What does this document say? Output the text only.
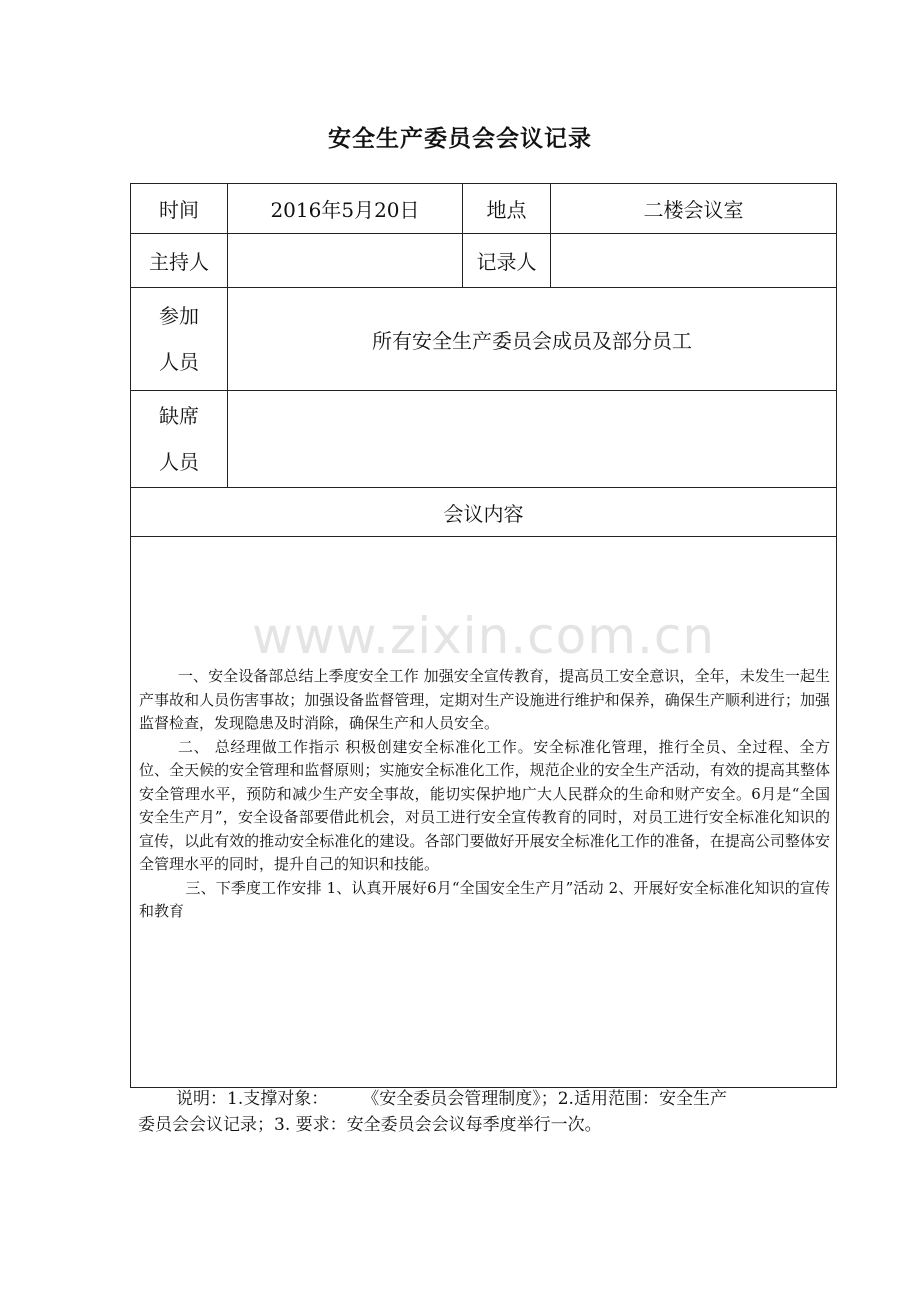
安全生产委员会会议记录
时间	2016年5月20日	地点	二楼会议室
主持人		记录人	

参加
人员	所有安全生产委员会成员及部分员工		

缺席
人员			

会议内容			

www.zixin.com.cn

一、安全设备部总结上季度安全工作 加强安全宣传教育，提高员工安全意识，全年，未发生一起生产事故和人员伤害事故；加强设备监督管理，定期对生产设施进行维护和保养，确保生产顺利进行；加强监督检查，发现隐患及时消除，确保生产和人员安全。

二、 总经理做工作指示 积极创建安全标准化工作。安全标准化管理，推行全员、全过程、全方位、全天候的安全管理和监督原则；实施安全标准化工作，规范企业的安全生产活动，有效的提高其整体安全管理水平，预防和减少生产安全事故，能切实保护地广大人民群众的生命和财产安全。6月是“全国安全生产月”，安全设备部要借此机会，对员工进行安全宣传教育的同时，对员工进行安全标准化知识的宣传，以此有效的推动安全标准化的建设。各部门要做好开展安全标准化工作的准备，在提高公司整体安全管理水平的同时，提升自己的知识和技能。

三、下季度工作安排 1、认真开展好6月“全国安全生产月”活动 2、开展好安全标准化知识的宣传和教育			

说明：1.支撑对象：　　　《安全委员会管理制度》；2.适用范围：安全生产
委员会会议记录；3. 要求：安全委员会会议每季度举行一次。
